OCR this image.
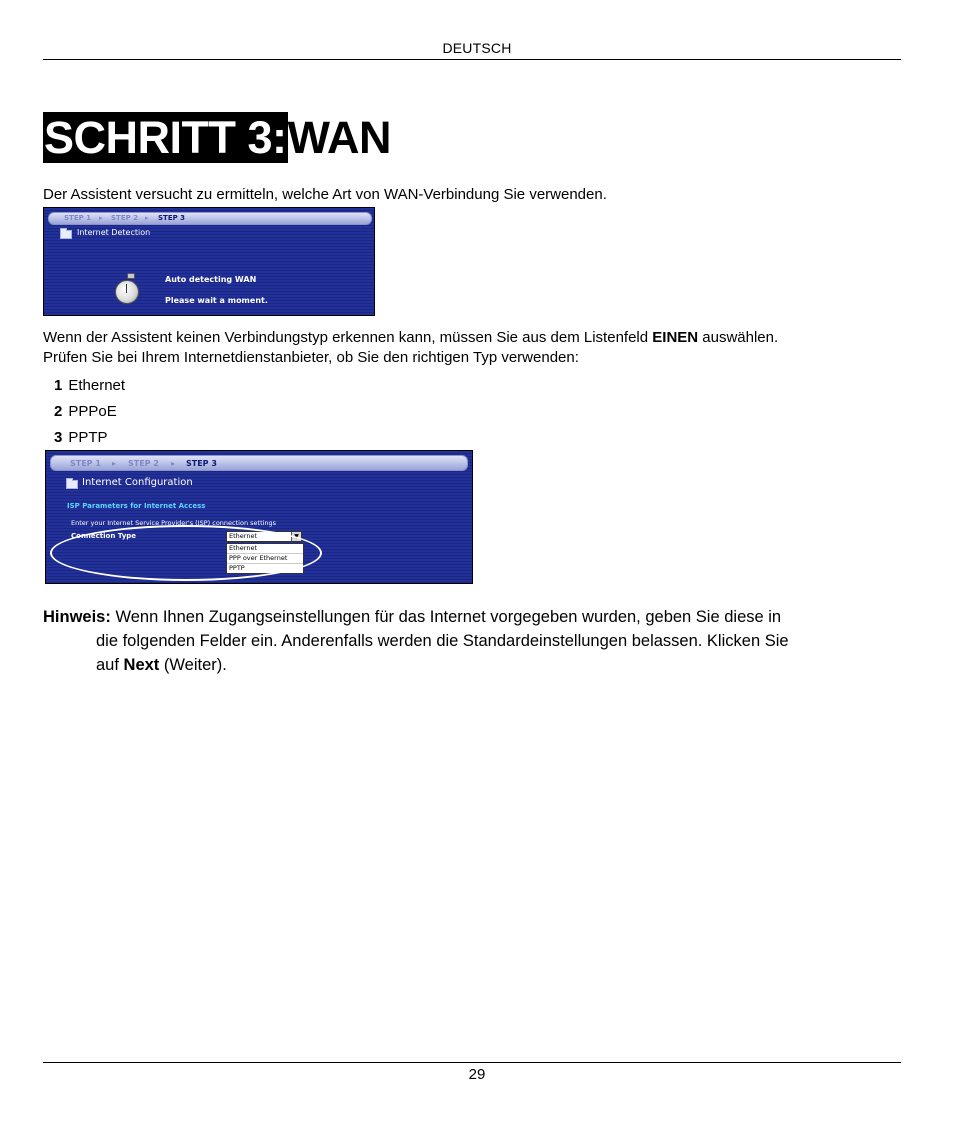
DEUTSCH
SCHRITT 3:WAN
Der Assistent versucht zu ermitteln, welche Art von WAN-Verbindung Sie verwenden.
STEP 1 ▸ STEP 2 ▸ STEP 3
Internet Detection
Auto detecting WAN
Please wait a moment.
Wenn der Assistent keinen Verbindungstyp erkennen kann, müssen Sie aus dem Listenfeld EINEN auswählen.
Prüfen Sie bei Ihrem Internetdienstanbieter, ob Sie den richtigen Typ verwenden:
1 Ethernet
2 PPPoE
3 PPTP
STEP 1 ▸ STEP 2 ▸ STEP 3
Internet Configuration
ISP Parameters for Internet Access
Enter your Internet Service Provider's (ISP) connection settings
Connection Type	Ethernet	▼
Ethernet
PPP over Ethernet
PPTP
Hinweis: Wenn Ihnen Zugangseinstellungen für das Internet vorgegeben wurden, geben Sie diese in
die folgenden Felder ein. Anderenfalls werden die Standardeinstellungen belassen. Klicken Sie
auf Next (Weiter).
29
